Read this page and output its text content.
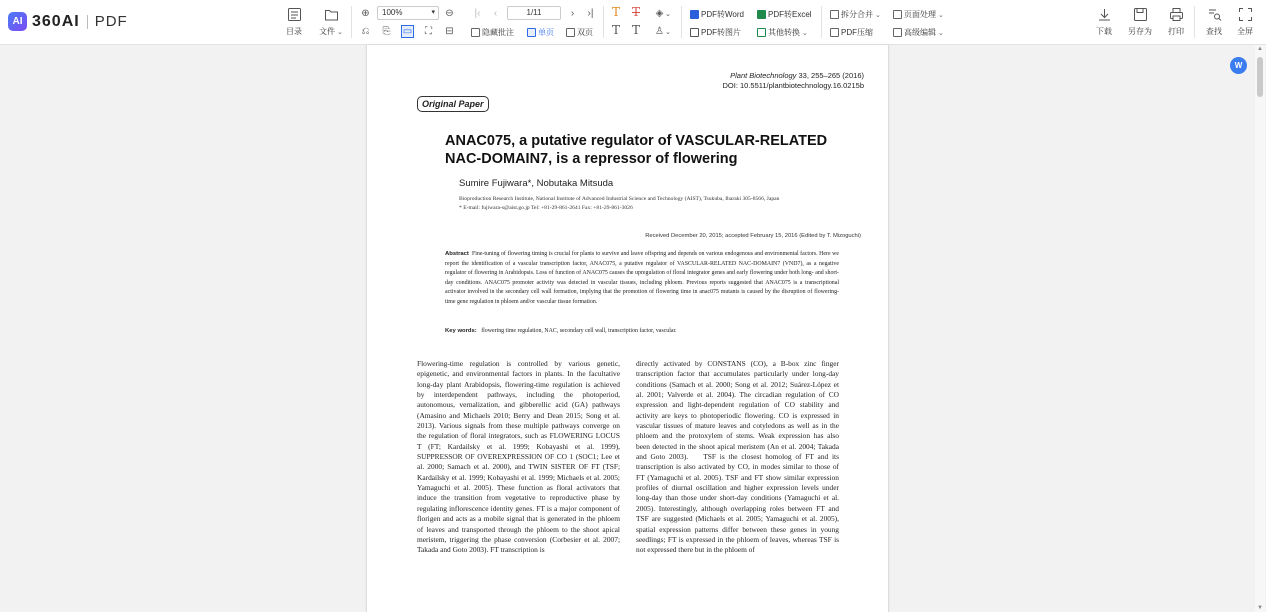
AI 360AI PDF
目录	文件 ⌄
⊕	100%	▾ ⊖
⎌ ⎘ ▭	⛶	⊟
|‹	‹	1/11	›	›|
隐藏批注	单页	双页
T T ◈ ⌄
T T ♙ ⌄
PDF转Word	PDF转Excel
PDF转图片	其他转换 ⌄
拆分合并 ⌄	页面处理 ⌄
PDF压缩	高级编辑 ⌄	下载	另存为	打印	查找	全屏
Plant Biotechnology 33, 255–265 (2016)
DOI: 10.5511/plantbiotechnology.16.0215b
Original Paper
ANAC075, a putative regulator of VASCULAR-RELATED
NAC-DOMAIN7, is a repressor of flowering
Sumire Fujiwara*, Nobutaka Mitsuda
Bioproduction Research Institute, National Institute of Advanced Industrial Science and Technology (AIST), Tsukuba, Ibaraki 305-8566, Japan
* E-mail: fujiwara-s@aist.go.jp Tel: +81-29-861-2641 Fax: +81-29-861-3026
Received December 20, 2015; accepted February 15, 2016 (Edited by T. Mizoguchi)
Abstract Fine-tuning of flowering timing is crucial for plants to survive and leave offspring and depends on various endogenous and environmental factors. Here we report the identification of a vascular transcription factor, ANAC075, a putative regulator of VASCULAR-RELATED NAC-DOMAIN7 (VND7), as a negative regulator of flowering in Arabidopsis. Loss of function of ANAC075 causes the upregulation of floral integrator genes and early flowering under both long- and short-day conditions. ANAC075 promoter activity was detected in vascular tissues, including phloem. Previous reports suggested that ANAC075 is a transcriptional activator involved in the secondary cell wall formation, implying that the promotion of flowering time in anac075 mutants is caused by the disruption of flowering-time gene regulation in phloem and/or vascular tissue formation.
Key words: flowering time regulation, NAC, secondary cell wall, transcription factor, vascular.
Flowering-time regulation is controlled by various genetic, epigenetic, and environmental factors in plants. In the facultative long-day plant Arabidopsis, flowering-time regulation is achieved by interdependent pathways, including the photoperiod, autonomous, vernalization, and gibberellic acid (GA) pathways (Amasino and Michaels 2010; Berry and Dean 2015; Song et al. 2013). Various signals from these multiple pathways converge on the regulation of floral integrators, such as FLOWERING LOCUS T (FT; Kardailsky et al. 1999; Kobayashi et al. 1999), SUPPRESSOR OF OVEREXPRESSION OF CO 1 (SOC1; Lee et al. 2000; Samach et al. 2000), and TWIN SISTER OF FT (TSF; Kardailsky et al. 1999; Kobayashi et al. 1999; Michaels et al. 2005; Yamaguchi et al. 2005). These function as floral activators that induce the transition from vegetative to reproductive phase by regulating inflorescence identity genes. FT is a major component of florigen and acts as a mobile signal that is generated in the phloem of leaves and transported through the phloem to the shoot apical meristem, triggering the phase conversion (Corbesier et al. 2007; Takada and Goto 2003). FT transcription is
directly activated by CONSTANS (CO), a B-box zinc finger transcription factor that accumulates particularly under long-day conditions (Samach et al. 2000; Song et al. 2012; Suárez-López et al. 2001; Valverde et al. 2004). The circadian regulation of CO expression and light-dependent regulation of CO stability and activity are keys to photoperiodic flowering. CO is expressed in vascular tissues of mature leaves and cotyledons as well as in the phloem and the protoxylem of stems. Weak expression has also been detected in the shoot apical meristem (An et al. 2004; Takada and Goto 2003).    TSF is the closest homolog of FT and its transcription is also activated by CO, in modes similar to those of FT (Yamaguchi et al. 2005). TSF and FT show similar expression profiles of diurnal oscillation and higher expression levels under long-day than those under short-day conditions (Yamaguchi et al. 2005). Interestingly, although overlapping roles between FT and TSF are suggested (Michaels et al. 2005; Yamaguchi et al. 2005), spatial expression patterns differ between these genes in young seedlings; FT is expressed in the phloem of leaves, whereas TSF is not expressed there but in the phloem of
W
▲
▼
